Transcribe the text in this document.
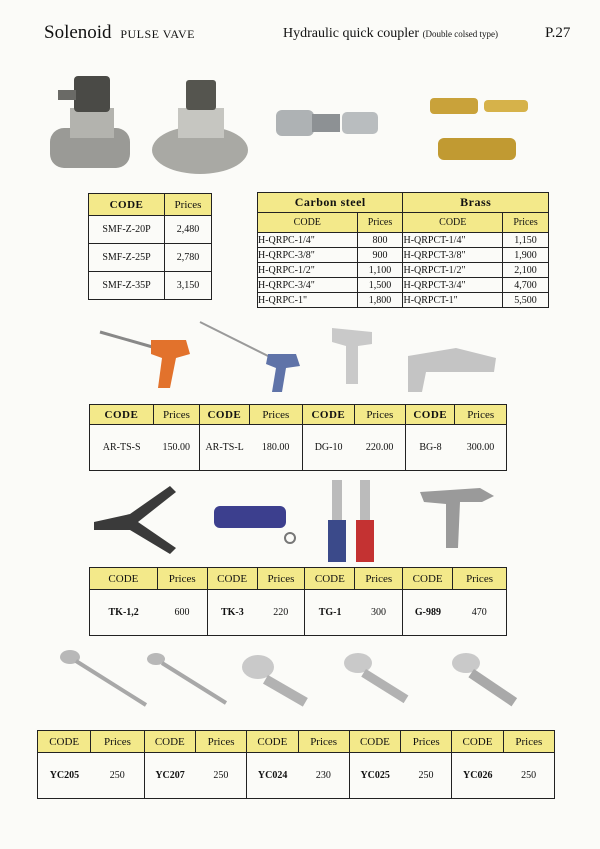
Solenoid PULSE VAVE	Hydraulic quick coupler (Double colsed type)	P.27
CODE	Prices
SMF-Z-20P	2,480
SMF-Z-25P	2,780
SMF-Z-35P	3,150
Carbon steel		Brass	
CODE	Prices	CODE	Prices
H-QRPC-1/4"	800	H-QRPCT-1/4"	1,150
H-QRPC-3/8"	900	H-QRPCT-3/8"	1,900
H-QRPC-1/2"	1,100	H-QRPCT-1/2"	2,100
H-QRPC-3/4"	1,500	H-QRPCT-3/4"	4,700
H-QRPC-1"	1,800	H-QRPCT-1"	5,500
CODE	Prices	CODE	Prices	CODE	Prices	CODE	Prices
AR-TS-S	150.00	AR-TS-L	180.00	DG-10	220.00	BG-8	300.00
CODE	Prices	CODE	Prices	CODE	Prices	CODE	Prices
TK-1,2	600	TK-3	220	TG-1	300	G-989	470
CODE	Prices	CODE	Prices	CODE	Prices	CODE	Prices	CODE	Prices
YC205	250	YC207	250	YC024	230	YC025	250	YC026	250
